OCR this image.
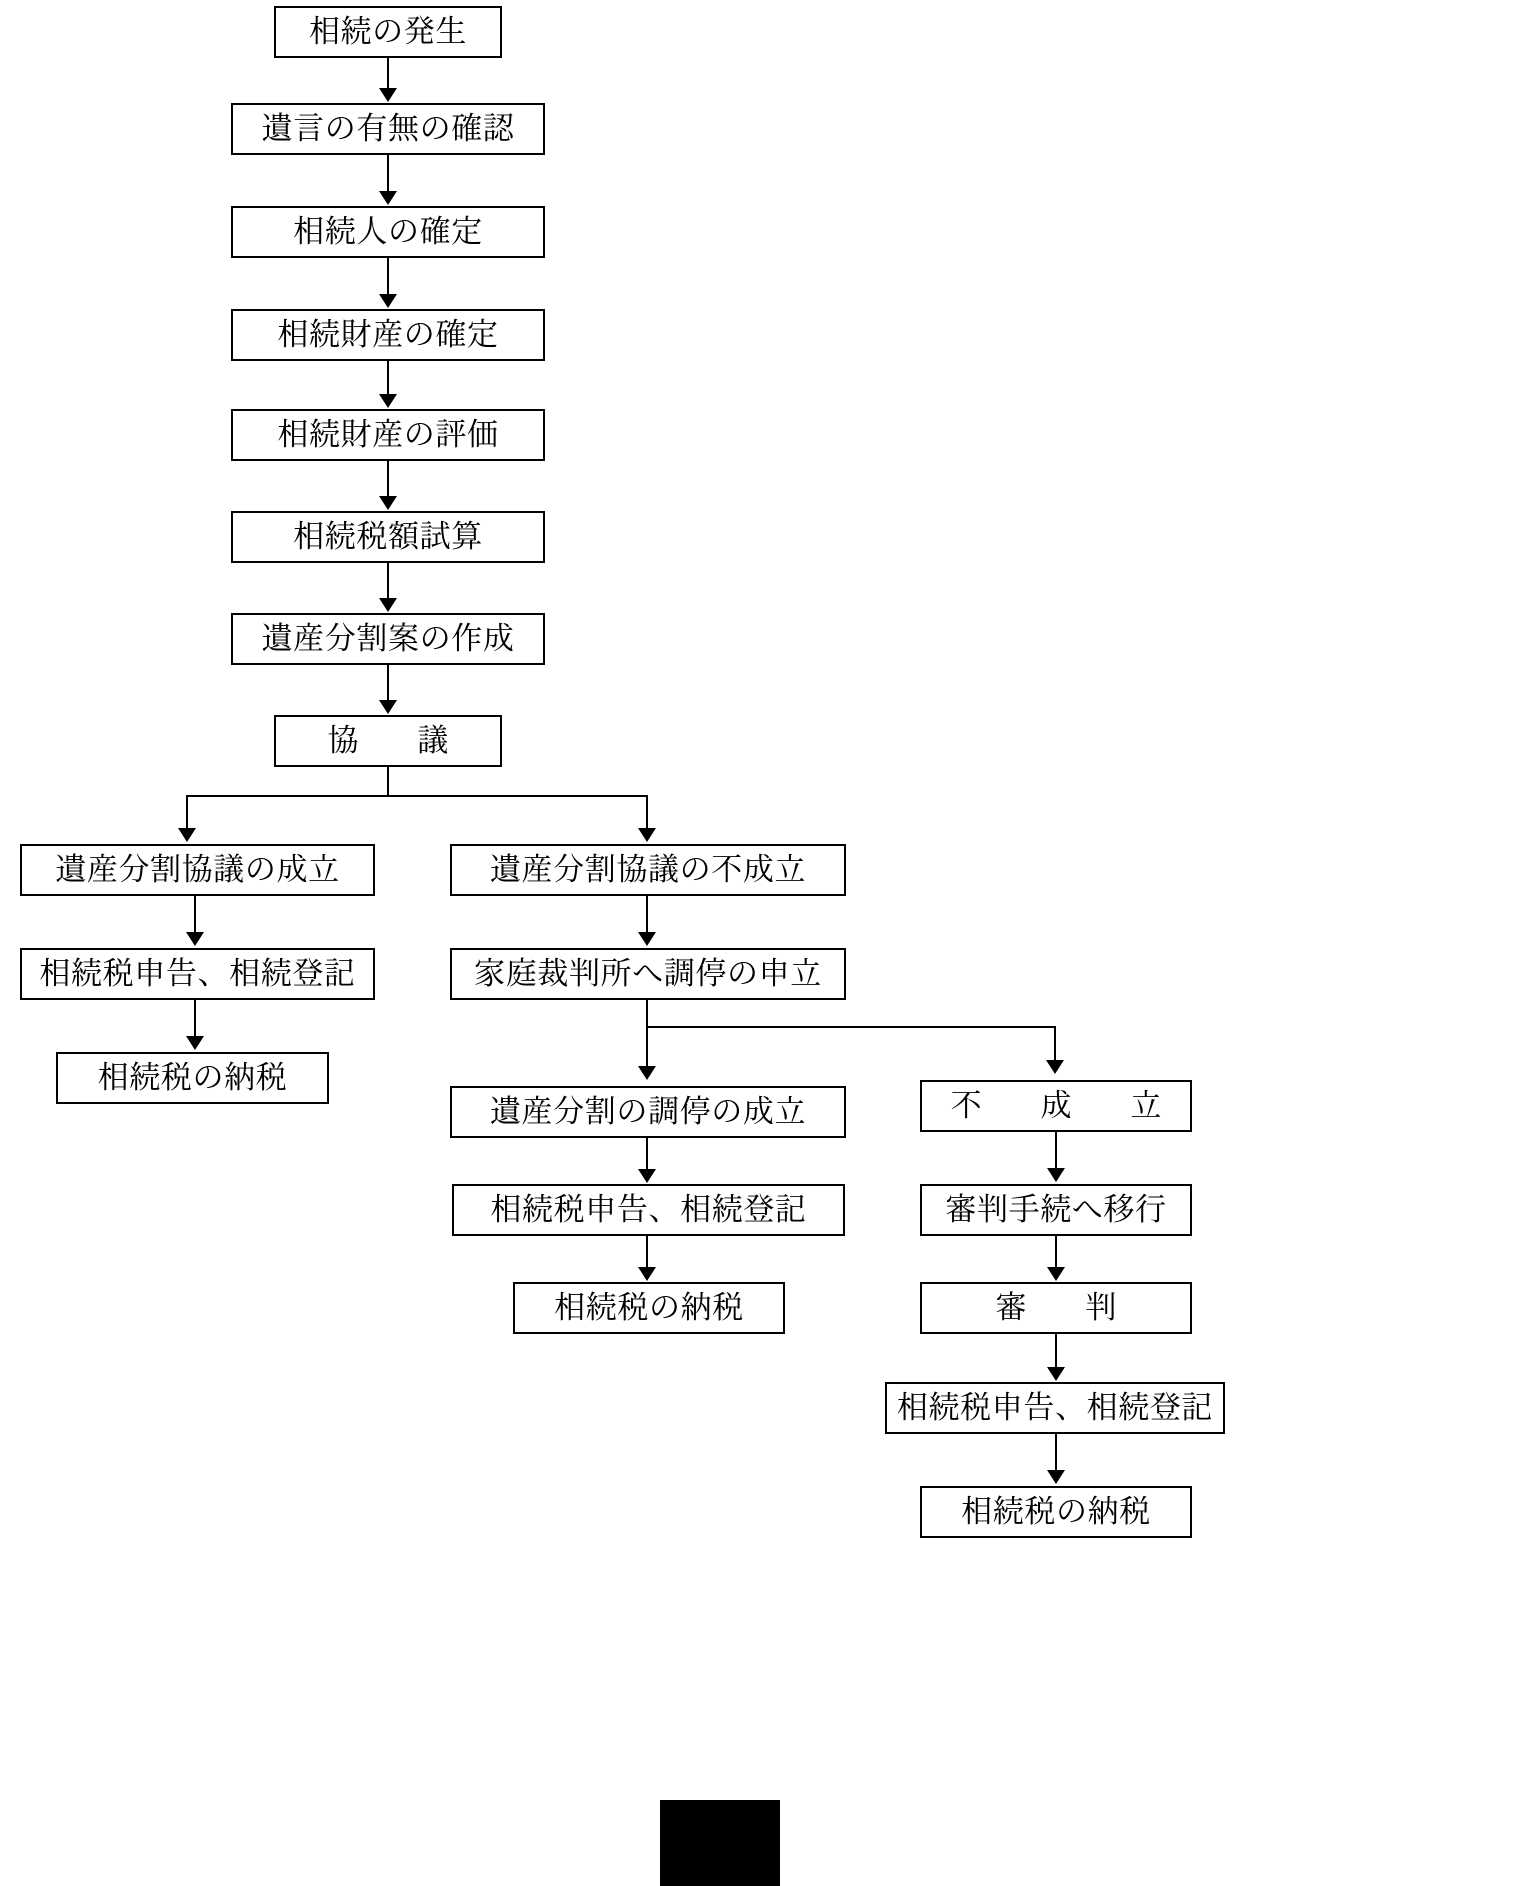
相続の発生
遺言の有無の確認
相続人の確定
相続財産の確定
相続財産の評価
相続税額試算
遺産分割案の作成
協　議
遺産分割協議の成立	遺産分割協議の不成立
相続税申告、相続登記	家庭裁判所へ調停の申立
相続税の納税
遺産分割の調停の成立	不　成　立
相続税申告、相続登記	審判手続へ移行
相続税の納税	審　判
相続税申告、相続登記
相続税の納税
